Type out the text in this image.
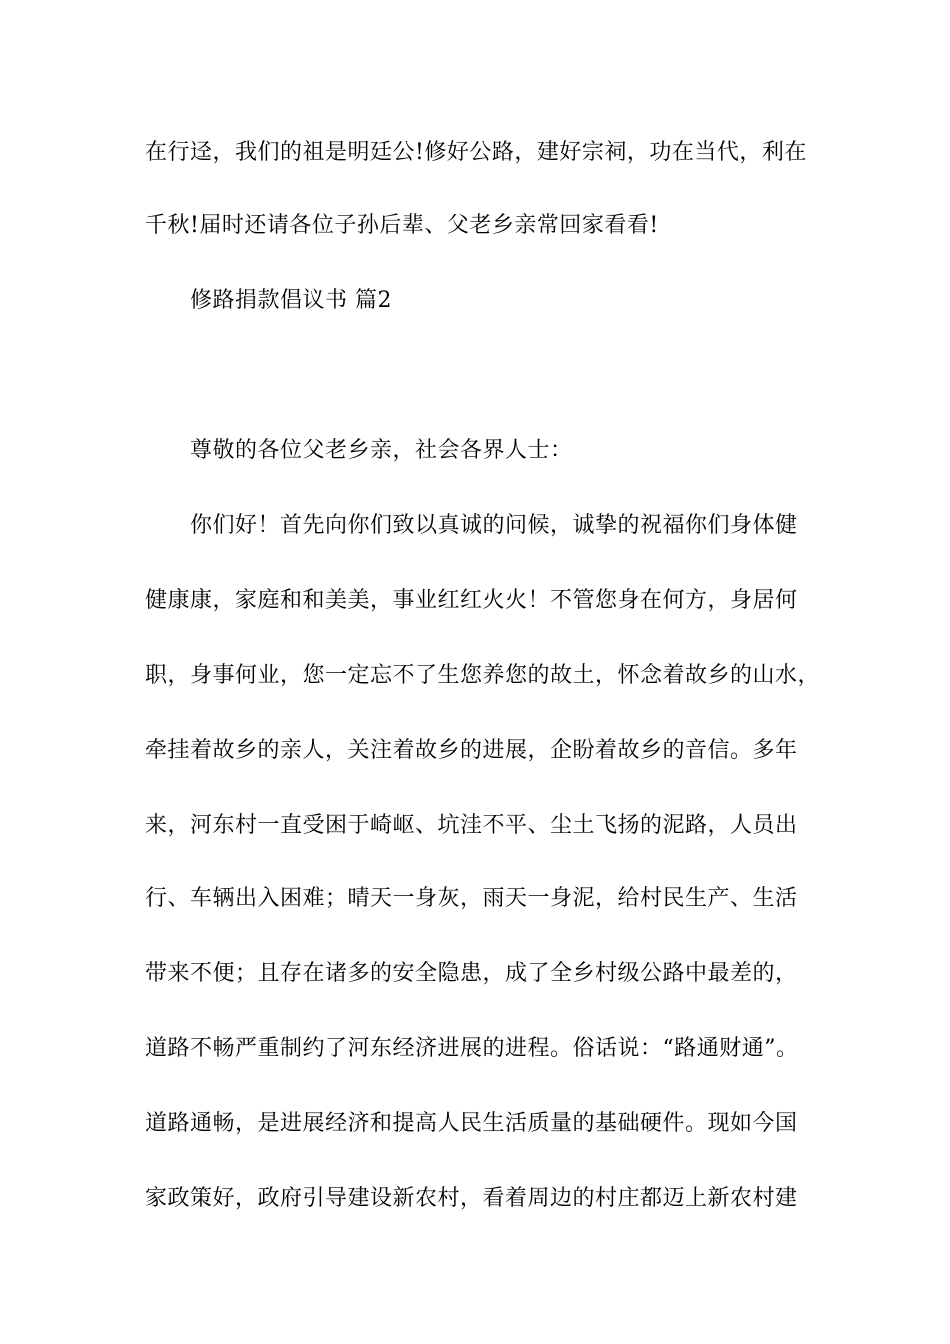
在行迳，我们的祖是明廷公!修好公路，建好宗祠，功在当代，利在
千秋!届时还请各位子孙后辈、父老乡亲常回家看看!
修路捐款倡议书 篇2
尊敬的各位父老乡亲，社会各界人士：
你们好！首先向你们致以真诚的问候，诚挚的祝福你们身体健
健康康，家庭和和美美，事业红红火火！不管您身在何方，身居何
职，身事何业，您一定忘不了生您养您的故土，怀念着故乡的山水，
牵挂着故乡的亲人，关注着故乡的进展，企盼着故乡的音信。多年
来，河东村一直受困于崎岖、坑洼不平、尘土飞扬的泥路，人员出
行、车辆出入困难；晴天一身灰，雨天一身泥，给村民生产、生活
带来不便；且存在诸多的安全隐患，成了全乡村级公路中最差的，
道路不畅严重制约了河东经济进展的进程。俗话说：“路通财通”。
道路通畅，是进展经济和提高人民生活质量的基础硬件。现如今国
家政策好，政府引导建设新农村，看着周边的村庄都迈上新农村建
